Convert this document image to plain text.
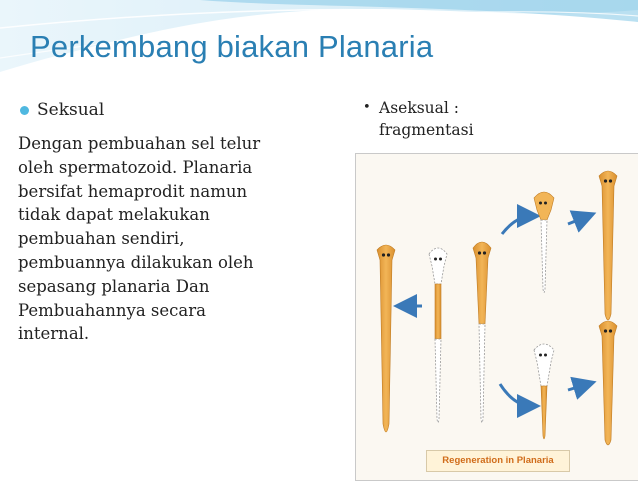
Perkembang biakan Planaria
Seksual
Dengan pembuahan sel telur
oleh spermatozoid. Planaria
bersifat hemaprodit namun
tidak dapat melakukan
pembuahan sendiri,
pembuannya dilakukan oleh
sepasang planaria Dan
Pembuahannya secara
internal.
• Aseksual :
fragmentasi
Regeneration in Planaria
